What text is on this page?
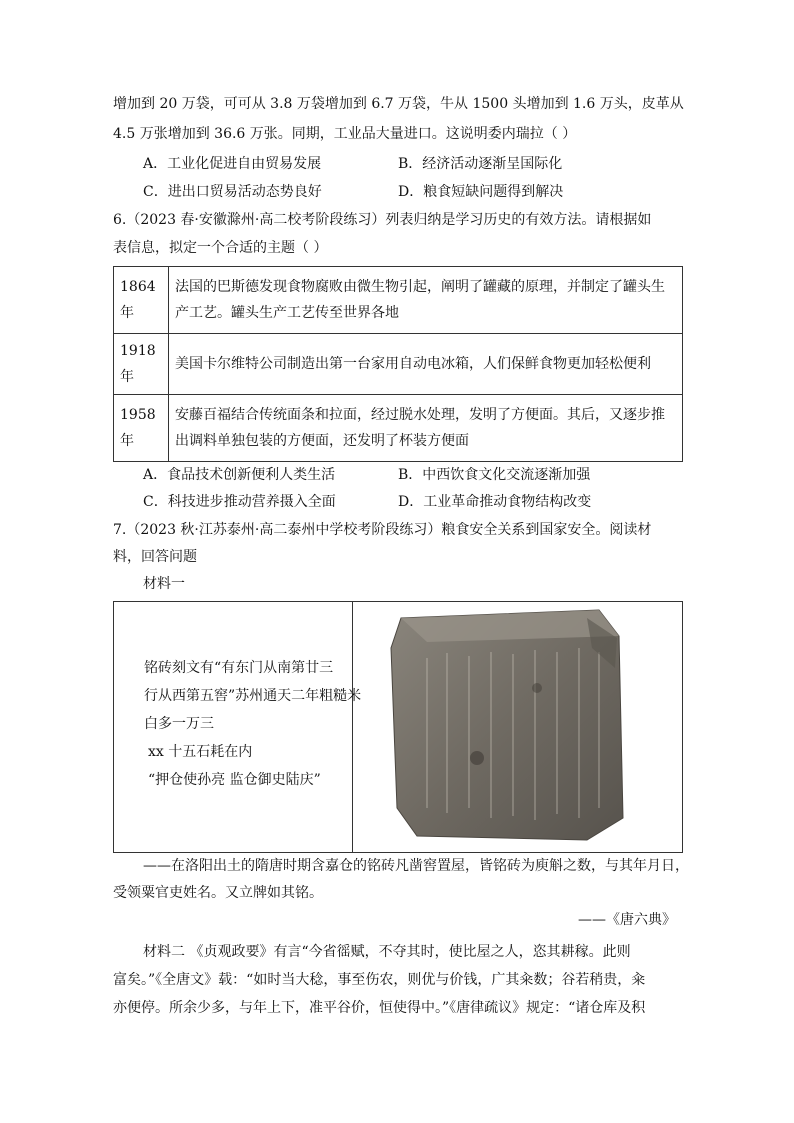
增加到 20 万袋，可可从 3.8 万袋增加到 6.7 万袋，牛从 1500 头增加到 1.6 万头，皮革从
4.5 万张增加到 36.6 万张。同期，工业品大量进口。这说明委内瑞拉（ ）
A．工业化促进自由贸易发展	B．经济活动逐渐呈国际化
C．进出口贸易活动态势良好	D．粮食短缺问题得到解决
6.（2023 春·安徽滁州·高二校考阶段练习）列表归纳是学习历史的有效方法。请根据如
表信息，拟定一个合适的主题（ ）
1864 年	法国的巴斯德发现食物腐败由微生物引起，阐明了罐藏的原理，并制定了罐头生产工艺。罐头生产工艺传至世界各地
1918 年	美国卡尔维特公司制造出第一台家用自动电冰箱，人们保鲜食物更加轻松便利
1958 年	安藤百福结合传统面条和拉面，经过脱水处理，发明了方便面。其后，又逐步推出调料单独包装的方便面，还发明了杯装方便面
A．食品技术创新便利人类生活	B．中西饮食文化交流逐渐加强
C．科技进步推动营养摄入全面	D．工业革命推动食物结构改变
7.（2023 秋·江苏泰州·高二泰州中学校考阶段练习）粮食安全关系到国家安全。阅读材
料，回答问题
材料一
铭砖刻文有“有东门从南第廿三
行从西第五窖”苏州通天二年粗糙米
白多一万三
xx 十五石耗在内
“押仓使孙亮 监仓御史陆庆”

——在洛阳出土的隋唐时期含嘉仓的铭砖凡凿窖置屋，皆铭砖为庾斛之数，与其年月日，
受领粟官吏姓名。又立牌如其铭。
——《唐六典》
材料二 《贞观政要》有言“今省徭赋，不夺其时，使比屋之人，恣其耕稼。此则
富矣。”《全唐文》载：“如时当大稔，事至伤农，则优与价钱，广其籴数；谷若稍贵，籴
亦便停。所余少多，与年上下，准平谷价，恒使得中。”《唐律疏议》规定：“诸仓库及积
